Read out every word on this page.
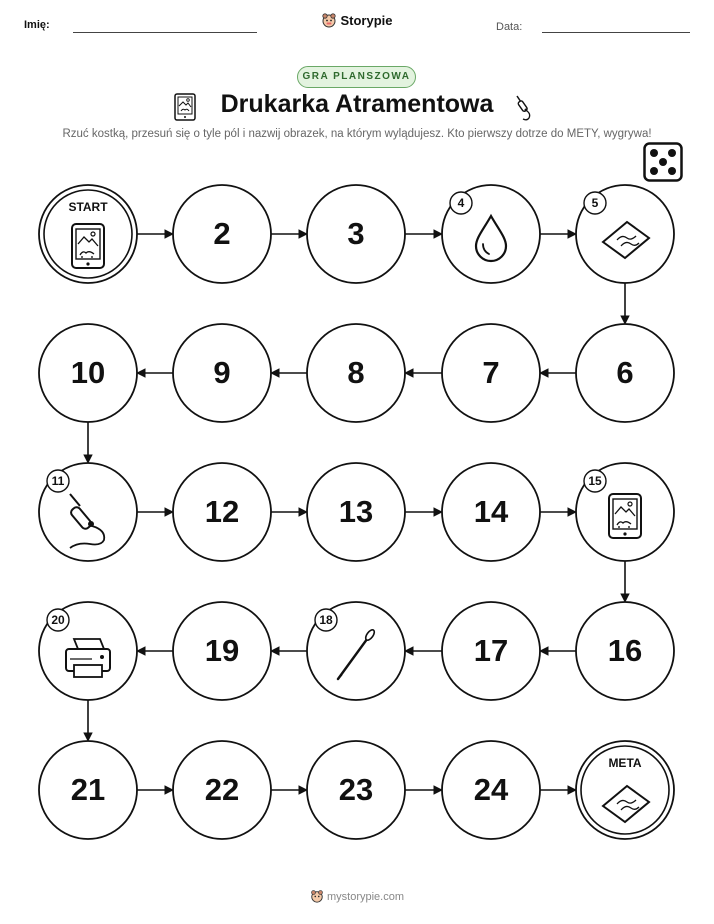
Imię:	Storypie	Data:
GRA PLANSZOWA
Drukarka Atramentowa
Rzuć kostką, przesuń się o tyle pól i nazwij obrazek, na którym wylądujesz. Kto pierwszy dotrze do METY, wygrywa!
START
2	3
4	5
6
7
8
9
10
11
12	13	14
15
16
17
18
19
20
21	22	23	24
META
mystorypie.com
